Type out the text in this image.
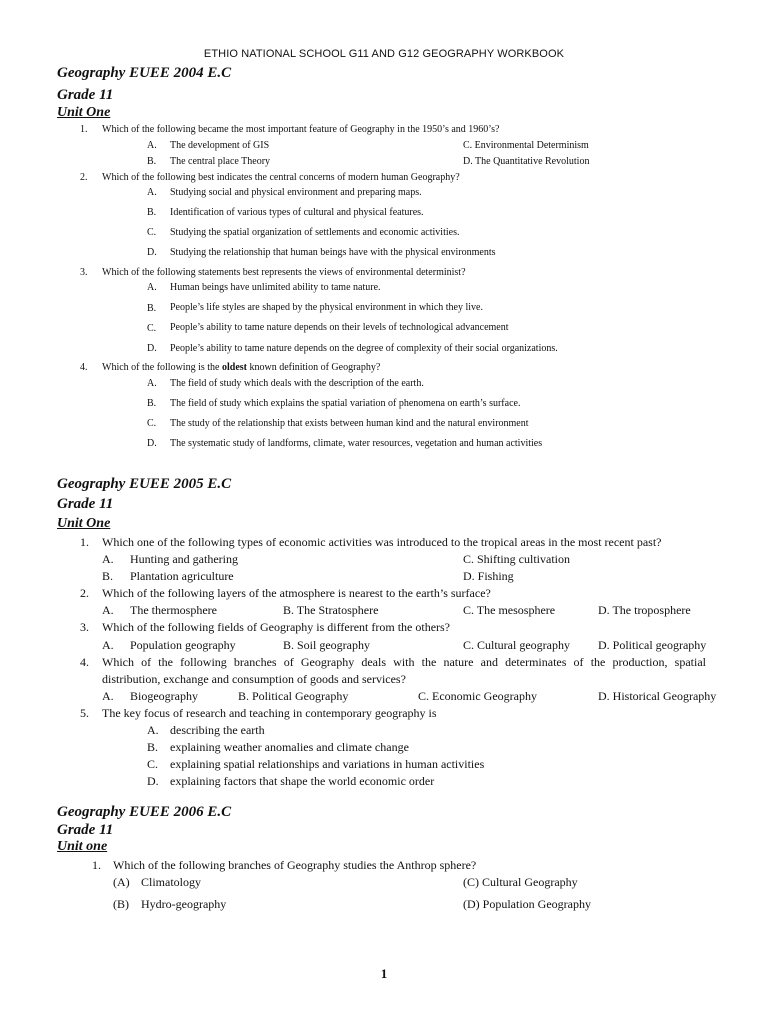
ETHIO NATIONAL SCHOOL G11 AND G12 GEOGRAPHY WORKBOOK
Geography EUEE 2004 E.C
Grade 11
Unit One
1. Which of the following became the most important feature of Geography in the 1950’s and 1960’s?
A. The development of GIS
B. The central place Theory
C. Environmental Determinism
D. The Quantitative Revolution
2. Which of the following best indicates the central concerns of modern human Geography?
A. Studying social and physical environment and preparing maps.
B. Identification of various types of cultural and physical features.
C. Studying the spatial organization of settlements and economic activities.
D. Studying the relationship that human beings have with the physical environments
3. Which of the following statements best represents the views of environmental determinist?
A. Human beings have unlimited ability to tame nature.
B. People’s life styles are shaped by the physical environment in which they live.
C. People’s ability to tame nature depends on their levels of technological advancement
D. People’s ability to tame nature depends on the degree of complexity of their social organizations.
4. Which of the following is the oldest known definition of Geography?
A. The field of study which deals with the description of the earth.
B. The field of study which explains the spatial variation of phenomena on earth’s surface.
C. The study of the relationship that exists between human kind and the natural environment
D. The systematic study of landforms, climate, water resources, vegetation and human activities
Geography EUEE 2005 E.C
Grade 11
Unit One
1. Which one of the following types of economic activities was introduced to the tropical areas in the most recent past?
A. Hunting and gathering	C. Shifting cultivation
B. Plantation agriculture	D. Fishing
2. Which of the following layers of the atmosphere is nearest to the earth’s surface?
A. The thermosphere	B. The Stratosphere	C. The mesosphere	D. The troposphere
3. Which of the following fields of Geography is different from the others?
A. Population geography	B. Soil geography	C. Cultural geography D. Political geography
4. Which of the following branches of Geography deals with the nature and determinates of the production, spatial
distribution, exchange and consumption of goods and services?
A. Biogeography	B. Political Geography	C. Economic Geography	D. Historical Geography
5. The key focus of research and teaching in contemporary geography is
A. describing the earth
B. explaining weather anomalies and climate change
C. explaining spatial relationships and variations in human activities
D. explaining factors that shape the world economic order
Geography EUEE 2006 E.C
Grade 11
Unit one
1. Which of the following branches of Geography studies the Anthrop sphere?
(A) Climatology	(C) Cultural Geography
(B) Hydro-geography	(D) Population Geography
1
